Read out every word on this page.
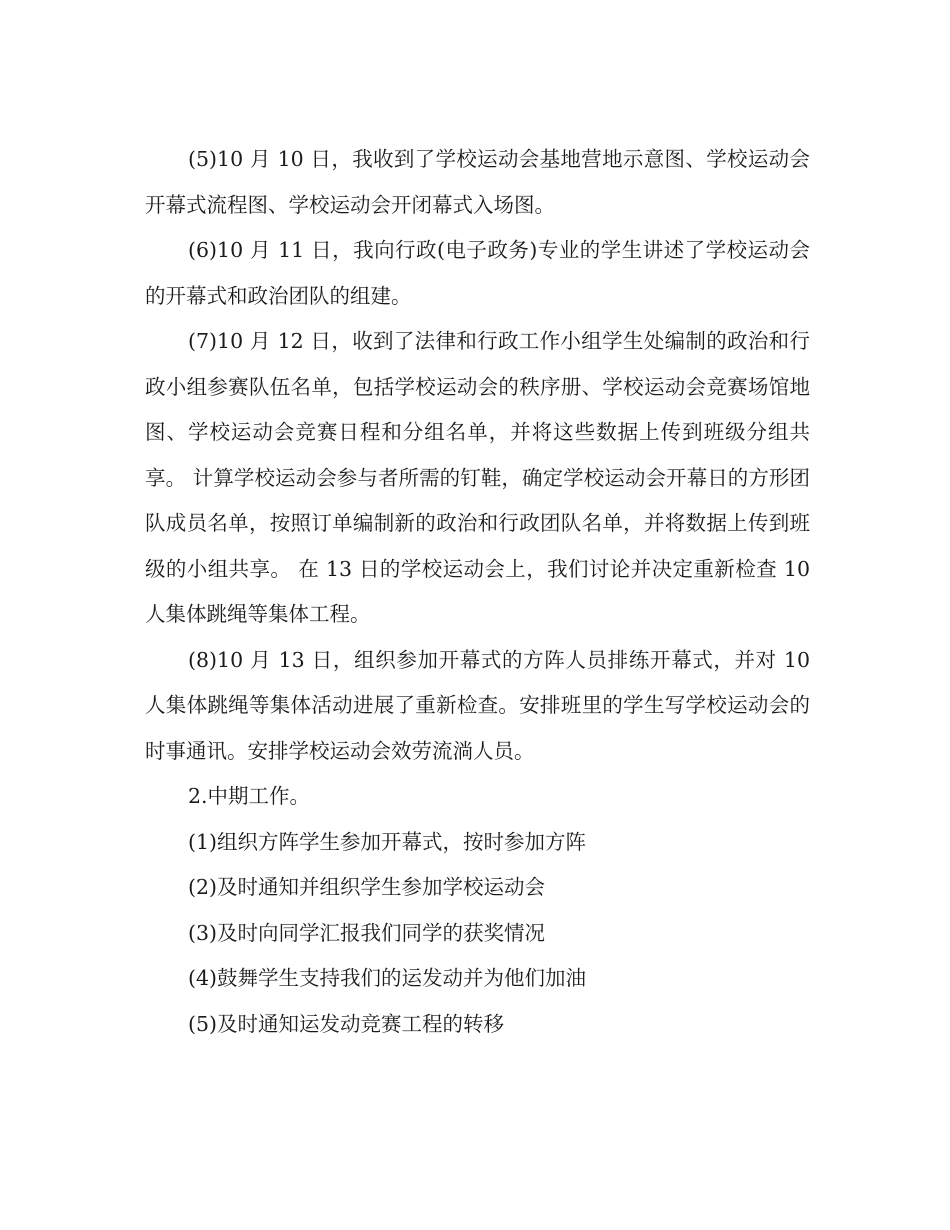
(5)10 月 10 日，我收到了学校运动会基地营地示意图、学校运动会开幕式流程图、学校运动会开闭幕式入场图。

(6)10 月 11 日，我向行政(电子政务)专业的学生讲述了学校运动会的开幕式和政治团队的组建。

(7)10 月 12 日，收到了法律和行政工作小组学生处编制的政治和行政小组参赛队伍名单，包括学校运动会的秩序册、学校运动会竞赛场馆地图、学校运动会竞赛日程和分组名单，并将这些数据上传到班级分组共享。 计算学校运动会参与者所需的钉鞋，确定学校运动会开幕日的方形团队成员名单，按照订单编制新的政治和行政团队名单，并将数据上传到班级的小组共享。 在 13 日的学校运动会上，我们讨论并决定重新检查 10 人集体跳绳等集体工程。

(8)10 月 13 日，组织参加开幕式的方阵人员排练开幕式，并对 10人集体跳绳等集体活动进展了重新检查。安排班里的学生写学校运动会的时事通讯。安排学校运动会效劳流淌人员。

2.中期工作。

(1)组织方阵学生参加开幕式，按时参加方阵

(2)及时通知并组织学生参加学校运动会

(3)及时向同学汇报我们同学的获奖情况

(4)鼓舞学生支持我们的运发动并为他们加油

(5)及时通知运发动竞赛工程的转移
